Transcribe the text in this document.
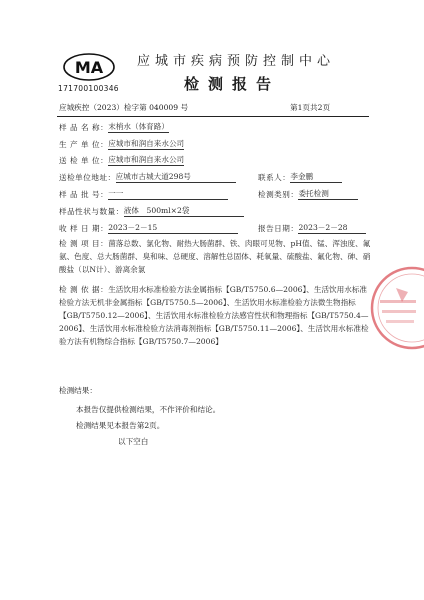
MA
171700100346
应城市疾病预防控制中心
检测报告
应城疾控（2023）检字第 040009 号	第1页共2页
样 品 名 称：末梢水（体育路）
生 产 单 位：应城市和润自来水公司
送 检 单 位：应城市和润自来水公司
送检单位地址：应城市古城大道298号	联系人：李金鹏
样 品 批 号：一一	检测类别：委托检测
样品性状与数量：液体　500ml×2袋
收 样 日 期：2023－2－15	报告日期：2023－2－28
检 测 项 目：菌落总数、氯化物、耐热大肠菌群、铁、肉眼可见物、pH值、锰、浑浊度、氟氨、色度、总大肠菌群、臭和味、总硬度、溶解性总固体、耗氧量、硫酸盐、氟化物、砷、硝酸盐（以N计）、游离余氯
检 测 依 据：生活饮用水标准检验方法金属指标【GB/T5750.6—2006】、生活饮用水标准检验方法无机非金属指标【GB/T5750.5—2006】、生活饮用水标准检验方法微生物指标【GB/T5750.12—2006】、生活饮用水标准检验方法感官性状和物理指标【GB/T5750.4—2006】、生活饮用水标准检验方法消毒剂指标【GB/T5750.11—2006】、生活饮用水标准检验方法有机物综合指标【GB/T5750.7—2006】
检测结果：
本报告仅提供检测结果，不作评价和结论。
检测结果见本报告第2页。
以下空白
